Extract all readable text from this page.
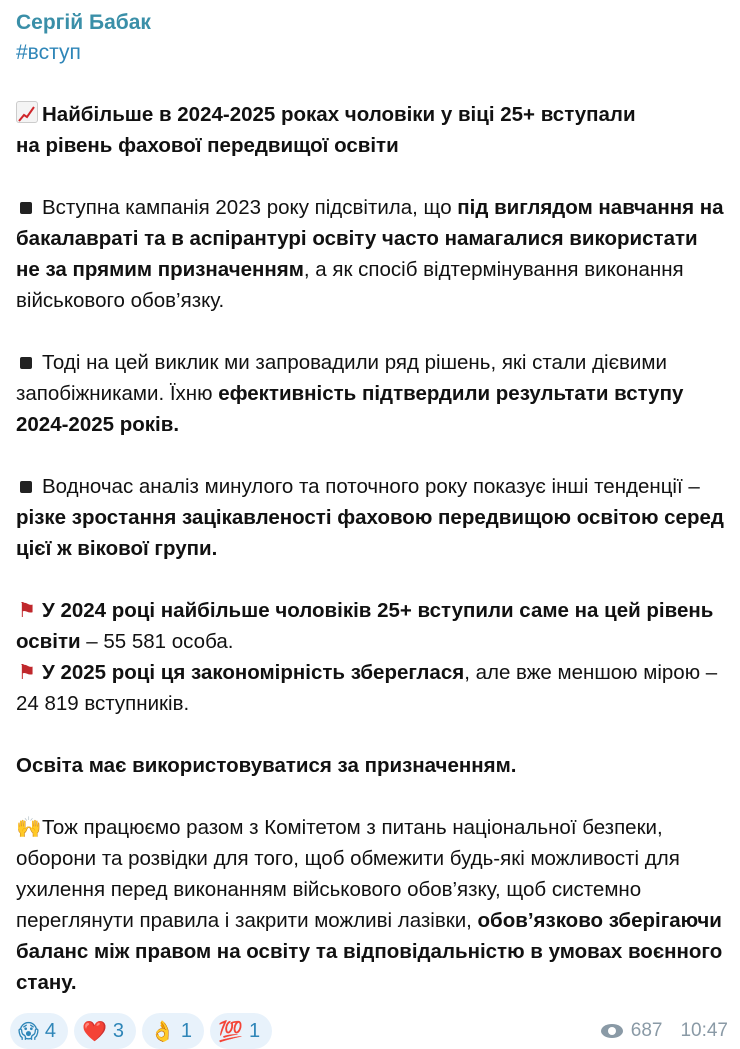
Сергій Бабак
#вступ
Найбільше в 2024-2025 роках чоловіки у віці 25+ вступали
на рівень фахової передвищої освіти
Вступна кампанія 2023 року підсвітила, що під виглядом навчання на бакалавраті та в аспірантурі освіту часто намагалися використати не за прямим призначенням, а як спосіб відтермінування виконання військового обов’язку.
Тоді на цей виклик ми запровадили ряд рішень, які стали дієвими запобіжниками. Їхню ефективність підтвердили результати вступу 2024-2025 років.
Водночас аналіз минулого та поточного року показує інші тенденції – різке зростання зацікавленості фаховою передвищою освітою серед цієї ж вікової групи.
⚑ У 2024 році найбільше чоловіків 25+ вступили саме на цей рівень освіти – 55 581 особа.
⚑ У 2025 році ця закономірність збереглася, але вже меншою мірою – 24 819 вступників.
Освіта має використовуватися за призначенням.
🙌Тож працюємо разом з Комітетом з питань національної безпеки, оборони та розвідки для того, щоб обмежити будь-які можливості для ухилення перед виконанням військового обов’язку, щоб системно переглянути правила і закрити можливі лазівки, обов’язково зберігаючи баланс між правом на освіту та відповідальністю в умовах воєнного стану.
😱 4 ❤️ 3 👌 1 💯 1	687 10:47
